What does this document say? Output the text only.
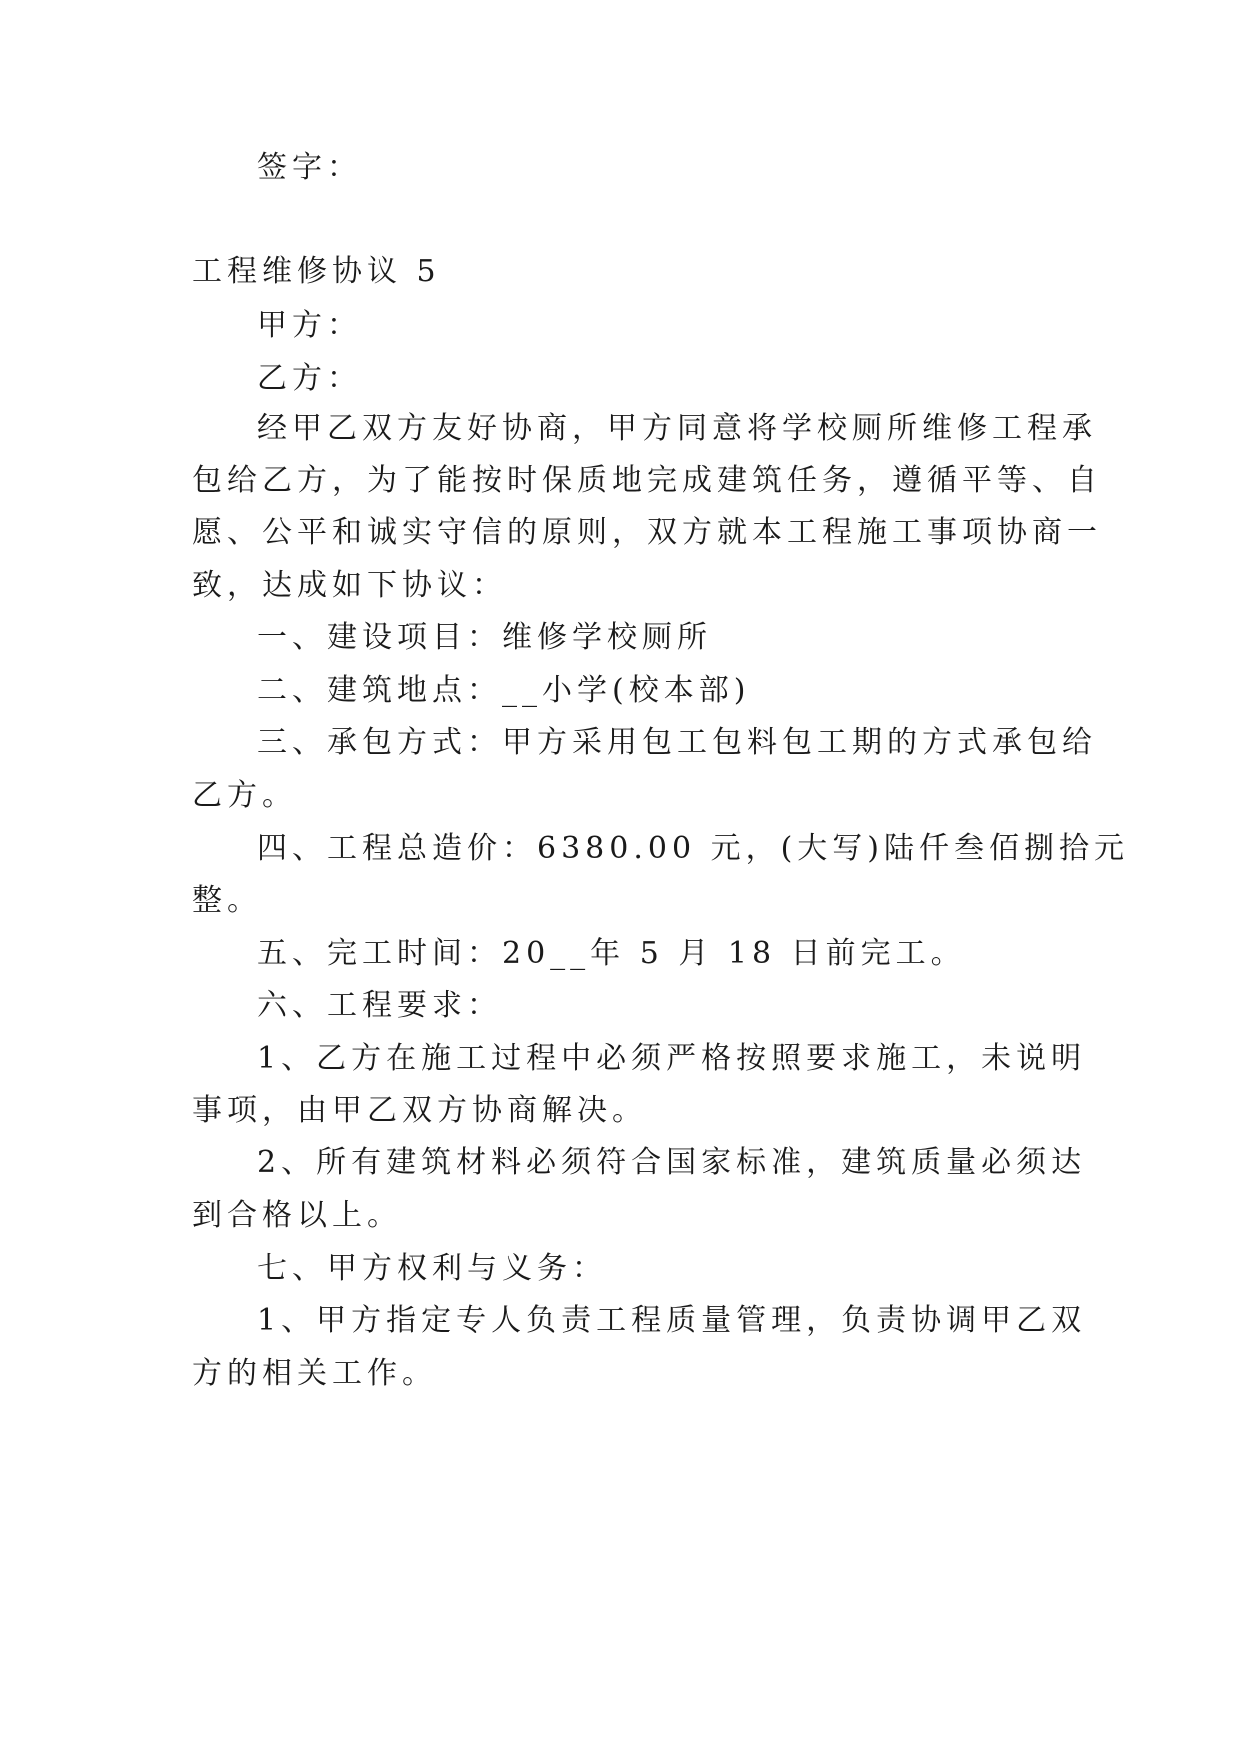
签字：
工程维修协议 5
甲方：
乙方：
经甲乙双方友好协商，甲方同意将学校厕所维修工程承
包给乙方，为了能按时保质地完成建筑任务，遵循平等、自
愿、公平和诚实守信的原则，双方就本工程施工事项协商一
致，达成如下协议：
一、建设项目：维修学校厕所
二、建筑地点：__小学(校本部)
三、承包方式：甲方采用包工包料包工期的方式承包给
乙方。
四、工程总造价：6380.00 元，(大写)陆仟叁佰捌拾元
整。
五、完工时间：20__年 5 月 18 日前完工。
六、工程要求：
1、乙方在施工过程中必须严格按照要求施工，未说明
事项，由甲乙双方协商解决。
2、所有建筑材料必须符合国家标准，建筑质量必须达
到合格以上。
七、甲方权利与义务：
1、甲方指定专人负责工程质量管理，负责协调甲乙双
方的相关工作。
